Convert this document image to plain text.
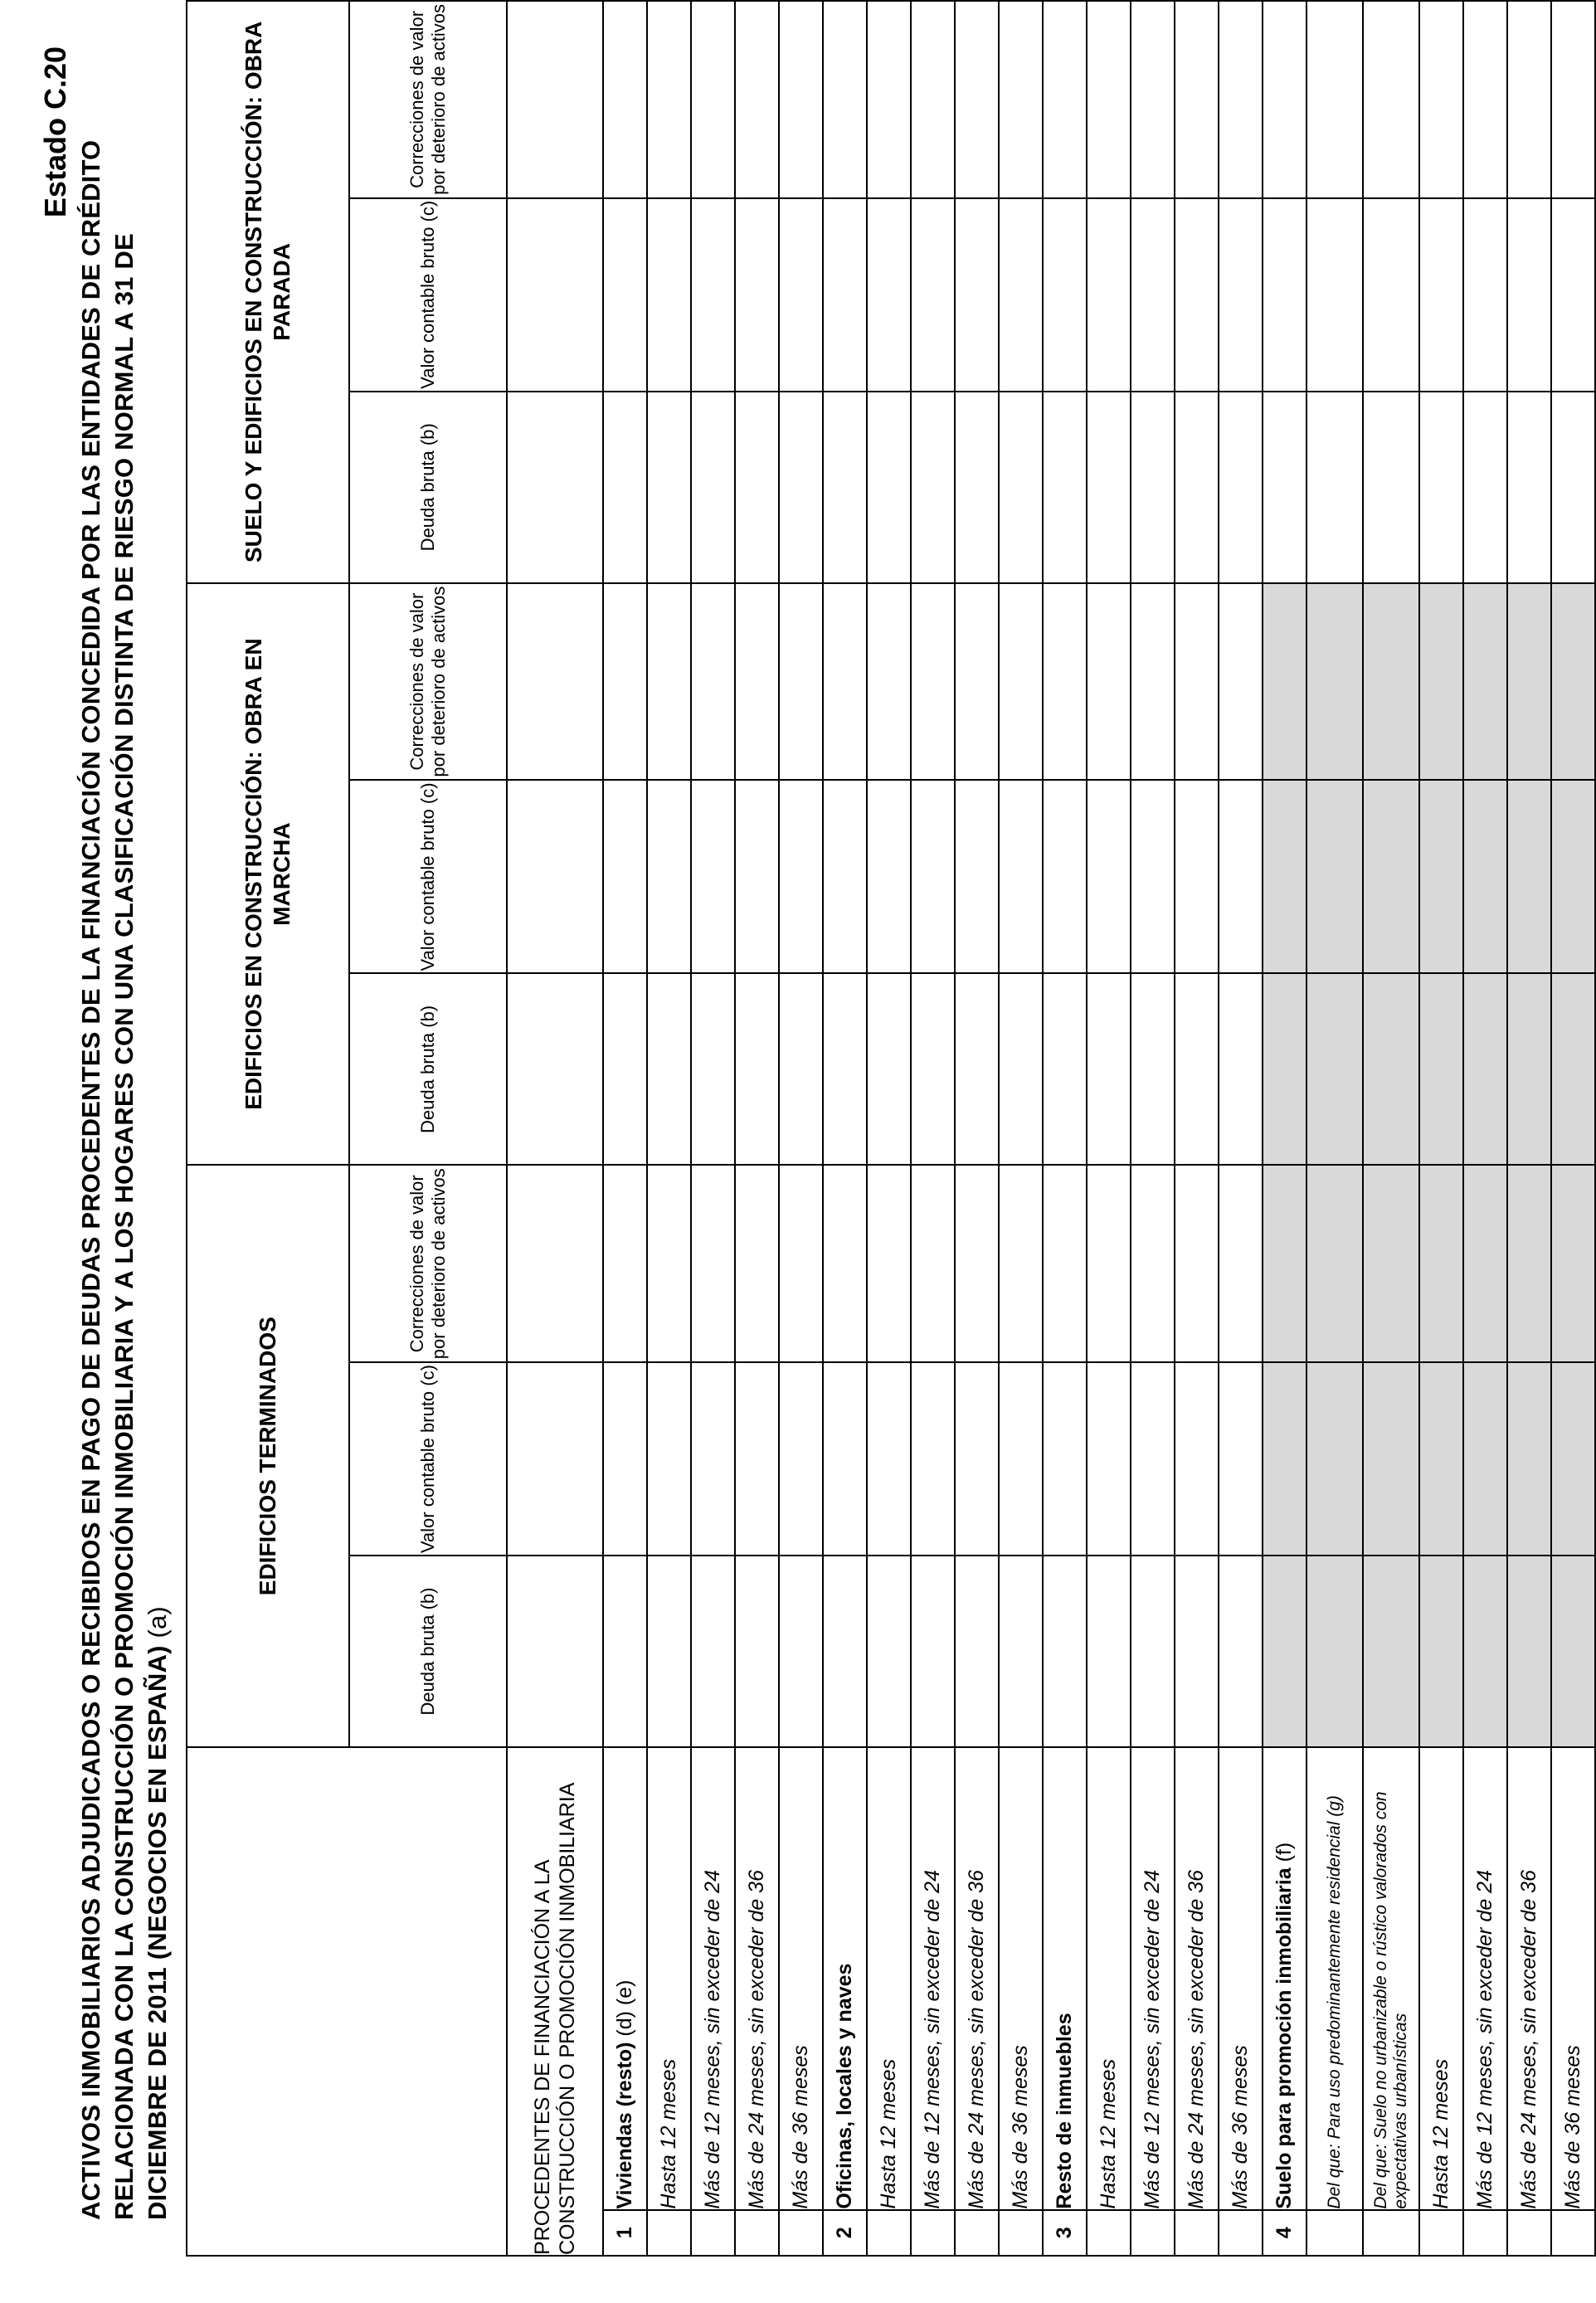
Estado C.20
ACTIVOS INMOBILIARIOS ADJUDICADOS O RECIBIDOS EN PAGO DE DEUDAS PROCEDENTES DE LA FINANCIACIÓN CONCEDIDA POR LAS ENTIDADES DE CRÉDITO RELACIONADA CON LA CONSTRUCCIÓN O PROMOCIÓN INMOBILIARIA Y A LOS HOGARES CON UNA CLASIFICACIÓN DISTINTA DE RIESGO NORMAL A 31 DE DICIEMBRE DE 2011 (NEGOCIOS EN ESPAÑA) (a)
		EDIFICIOS TERMINADOS			EDIFICIOS EN CONSTRUCCIÓN: OBRA EN MARCHA			SUELO Y EDIFICIOS EN CONSTRUCCIÓN: OBRA PARADA		
		Deuda bruta (b)	Valor contable bruto (c)	Correcciones de valor por deterioro de activos	Deuda bruta (b)	Valor contable bruto (c)	Correcciones de valor por deterioro de activos	Deuda bruta (b)	Valor contable bruto (c)	Correcciones de valor por deterioro de activos
PROCEDENTES DE FINANCIACIÓN A LA CONSTRUCCIÓN O PROMOCIÓN INMOBILIARIA										
1	Viviendas (resto) (d) (e)									
	Hasta 12 meses									
	Más de 12 meses, sin exceder de 24									
	Más de 24 meses, sin exceder de 36									
	Más de 36 meses									
2	Oficinas, locales y naves									
	Hasta 12 meses									
	Más de 12 meses, sin exceder de 24									
	Más de 24 meses, sin exceder de 36									
	Más de 36 meses									
3	Resto de inmuebles									
	Hasta 12 meses									
	Más de 12 meses, sin exceder de 24									
	Más de 24 meses, sin exceder de 36									
	Más de 36 meses									
4	Suelo para promoción inmobiliaria (f)									
	Del que: Para uso predominantemente residencial (g)									
	Del que: Suelo no urbanizable o rústico valorados con expectativas urbanísticas									
	Hasta 12 meses									
	Más de 12 meses, sin exceder de 24									
	Más de 24 meses, sin exceder de 36									
	Más de 36 meses									
